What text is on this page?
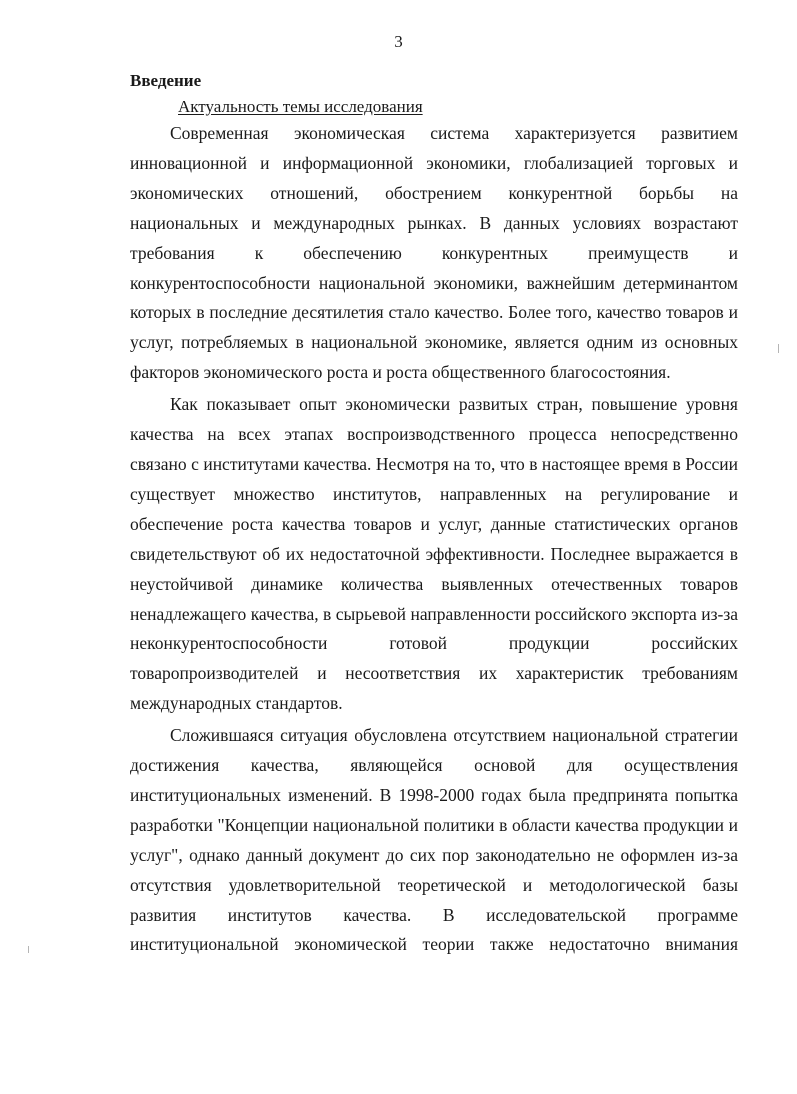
3
Введение
Актуальность темы исследования

Современная экономическая система характеризуется развитием инновационной и информационной экономики, глобализацией торговых и экономических отношений, обострением конкурентной борьбы на национальных и международных рынках. В данных условиях возрастают требования к обеспечению конкурентных преимуществ и конкурентоспособности национальной экономики, важнейшим детерминантом которых в последние десятилетия стало качество. Более того, качество товаров и услуг, потребляемых в национальной экономике, является одним из основных факторов экономического роста и роста общественного благосостояния.

Как показывает опыт экономически развитых стран, повышение уровня качества на всех этапах воспроизводственного процесса непосредственно связано с институтами качества. Несмотря на то, что в настоящее время в России существует множество институтов, направленных на регулирование и обеспечение роста качества товаров и услуг, данные статистических органов свидетельствуют об их недостаточной эффективности. Последнее выражается в неустойчивой динамике количества выявленных отечественных товаров ненадлежащего качества, в сырьевой направленности российского экспорта из-за неконкурентоспособности готовой продукции российских товаропроизводителей и несоответствия их характеристик требованиям международных стандартов.

Сложившаяся ситуация обусловлена отсутствием национальной стратегии достижения качества, являющейся основой для осуществления институциональных изменений. В 1998-2000 годах была предпринята попытка разработки "Концепции национальной политики в области качества продукции и услуг", однако данный документ до сих пор законодательно не оформлен из-за отсутствия удовлетворительной теоретической и методологической базы развития институтов качества. В исследовательской программе институциональной экономической теории также недостаточно внимания
